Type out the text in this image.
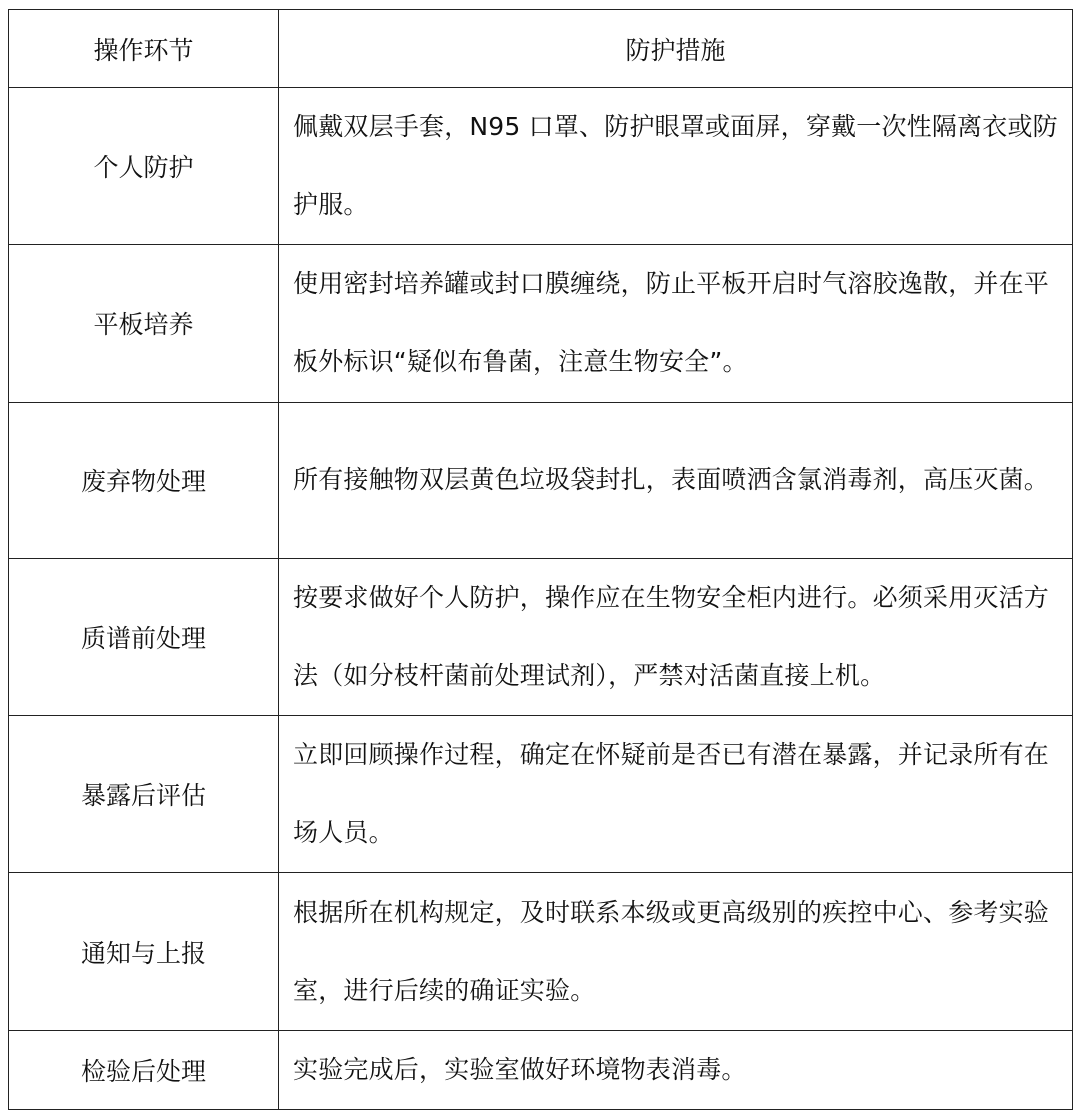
操作环节	防护措施
个人防护	佩戴双层手套，N95 口罩、防护眼罩或面屏，穿戴一次性隔离衣或防护服。
平板培养	使用密封培养罐或封口膜缠绕，防止平板开启时气溶胶逸散，并在平板外标识“疑似布鲁菌，注意生物安全”。
废弃物处理	所有接触物双层黄色垃圾袋封扎，表面喷洒含氯消毒剂，高压灭菌。
质谱前处理	按要求做好个人防护，操作应在生物安全柜内进行。必须采用灭活方法（如分枝杆菌前处理试剂），严禁对活菌直接上机。
暴露后评估	立即回顾操作过程，确定在怀疑前是否已有潜在暴露，并记录所有在场人员。
通知与上报	根据所在机构规定，及时联系本级或更高级别的疾控中心、参考实验室，进行后续的确证实验。
检验后处理	实验完成后，实验室做好环境物表消毒。
